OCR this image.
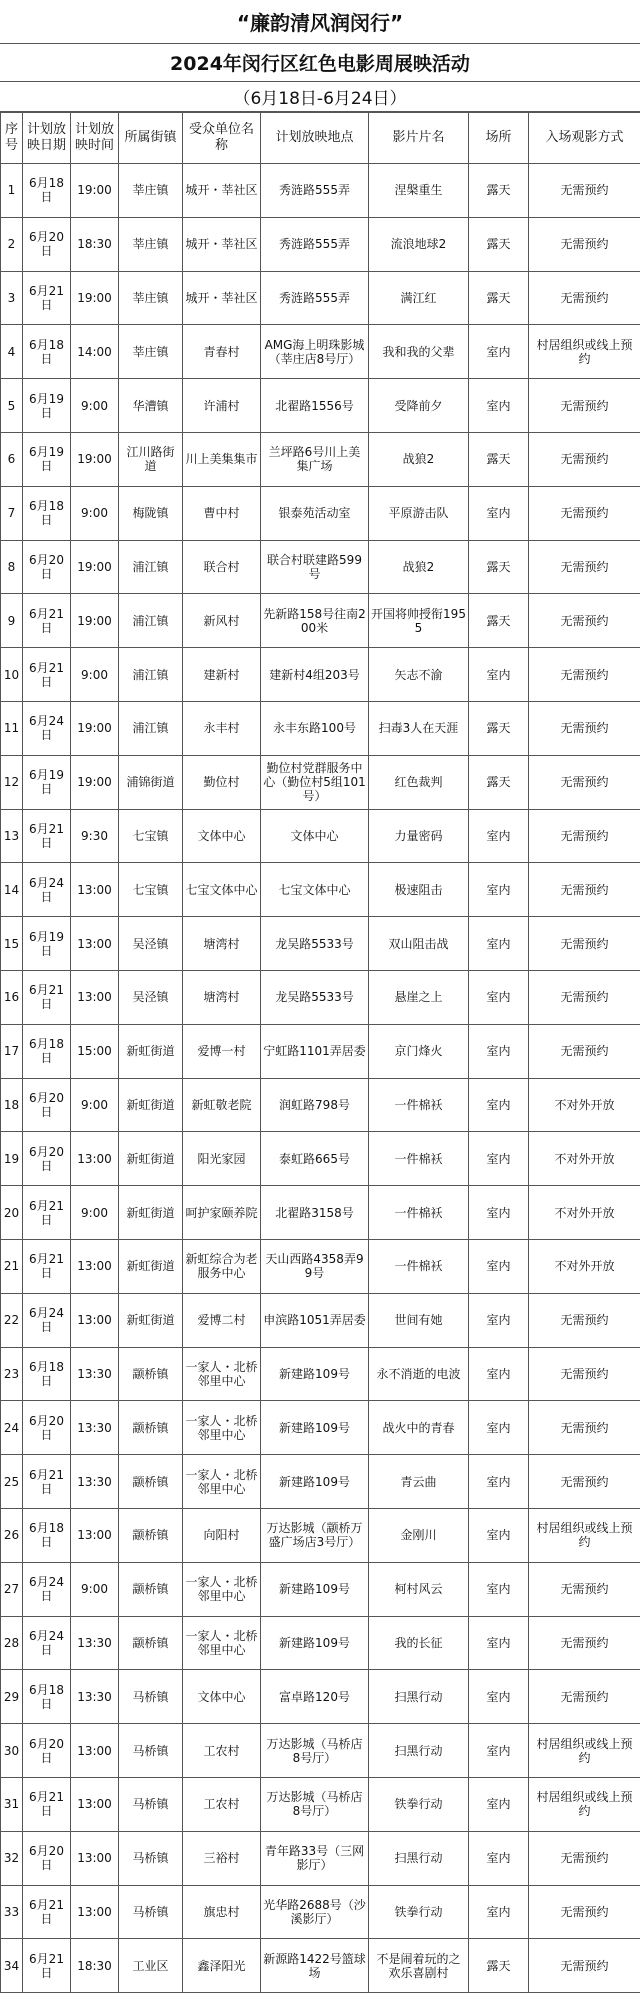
“廉韵清风润闵行”
2024年闵行区红色电影周展映活动
（6月18日-6月24日）
序号	计划放映日期	计划放映时间	所属街镇	受众单位名称	计划放映地点	影片片名	场所	入场观影方式
1	6月18日	19:00	莘庄镇	城开・莘社区	秀涟路555弄	涅槃重生	露天	无需预约
2	6月20日	18:30	莘庄镇	城开・莘社区	秀涟路555弄	流浪地球2	露天	无需预约
3	6月21日	19:00	莘庄镇	城开・莘社区	秀涟路555弄	满江红	露天	无需预约
4	6月18日	14:00	莘庄镇	青春村	AMG海上明珠影城（莘庄店8号厅）	我和我的父辈	室内	村居组织或线上预约
5	6月19日	9:00	华漕镇	许浦村	北翟路1556号	受降前夕	室内	无需预约
6	6月19日	19:00	江川路街道	川上美集集市	兰坪路6号川上美集广场	战狼2	露天	无需预约
7	6月18日	9:00	梅陇镇	曹中村	银泰苑活动室	平原游击队	室内	无需预约
8	6月20日	19:00	浦江镇	联合村	联合村联建路599号	战狼2	露天	无需预约
9	6月21日	19:00	浦江镇	新风村	先新路158号往南200米	开国将帅授衔1955	露天	无需预约
10	6月21日	9:00	浦江镇	建新村	建新村4组203号	矢志不渝	室内	无需预约
11	6月24日	19:00	浦江镇	永丰村	永丰东路100号	扫毒3人在天涯	露天	无需预约
12	6月19日	19:00	浦锦街道	勤位村	勤位村党群服务中心（勤位村5组101号）	红色裁判	露天	无需预约
13	6月21日	9:30	七宝镇	文体中心	文体中心	力量密码	室内	无需预约
14	6月24日	13:00	七宝镇	七宝文体中心	七宝文体中心	极速阻击	室内	无需预约
15	6月19日	13:00	吴泾镇	塘湾村	龙吴路5533号	双山阻击战	室内	无需预约
16	6月21日	13:00	吴泾镇	塘湾村	龙吴路5533号	悬崖之上	室内	无需预约
17	6月18日	15:00	新虹街道	爱博一村	宁虹路1101弄居委	京门烽火	室内	无需预约
18	6月20日	9:00	新虹街道	新虹敬老院	润虹路798号	一件棉袄	室内	不对外开放
19	6月20日	13:00	新虹街道	阳光家园	泰虹路665号	一件棉袄	室内	不对外开放
20	6月21日	9:00	新虹街道	呵护家颐养院	北翟路3158号	一件棉袄	室内	不对外开放
21	6月21日	13:00	新虹街道	新虹综合为老服务中心	天山西路4358弄99号	一件棉袄	室内	不对外开放
22	6月24日	13:00	新虹街道	爱博二村	申滨路1051弄居委	世间有她	室内	无需预约
23	6月18日	13:30	颛桥镇	一家人・北桥邻里中心	新建路109号	永不消逝的电波	室内	无需预约
24	6月20日	13:30	颛桥镇	一家人・北桥邻里中心	新建路109号	战火中的青春	室内	无需预约
25	6月21日	13:30	颛桥镇	一家人・北桥邻里中心	新建路109号	青云曲	室内	无需预约
26	6月18日	13:00	颛桥镇	向阳村	万达影城（颛桥万盛广场店3号厅）	金刚川	室内	村居组织或线上预约
27	6月24日	9:00	颛桥镇	一家人・北桥邻里中心	新建路109号	柯村风云	室内	无需预约
28	6月24日	13:30	颛桥镇	一家人・北桥邻里中心	新建路109号	我的长征	室内	无需预约
29	6月18日	13:30	马桥镇	文体中心	富卓路120号	扫黑行动	室内	无需预约
30	6月20日	13:00	马桥镇	工农村	万达影城（马桥店8号厅）	扫黑行动	室内	村居组织或线上预约
31	6月21日	13:00	马桥镇	工农村	万达影城（马桥店8号厅）	铁拳行动	室内	村居组织或线上预约
32	6月20日	13:00	马桥镇	三裕村	青年路33号（三网影厅）	扫黑行动	室内	无需预约
33	6月21日	13:00	马桥镇	旗忠村	光华路2688号（沙溪影厅）	铁拳行动	室内	无需预约
34	6月21日	18:30	工业区	鑫泽阳光	新源路1422号篮球场	不是闹着玩的之欢乐喜剧村	露天	无需预约
